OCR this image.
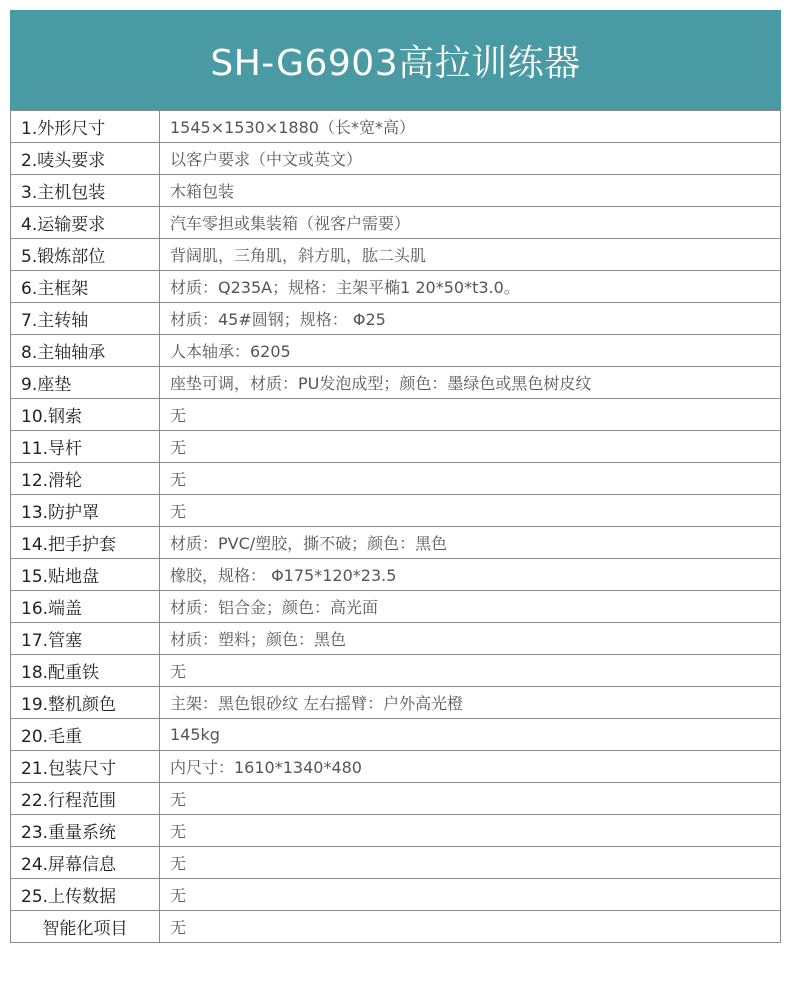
SH-G6903高拉训练器
1.外形尺寸	1545×1530×1880（长*宽*高）
2.唛头要求	以客户要求（中文或英文）
3.主机包装	木箱包装
4.运输要求	汽车零担或集装箱（视客户需要）
5.锻炼部位	背阔肌，三角肌，斜方肌，肱二头肌
6.主框架	材质：Q235A；规格：主架平椭1 20*50*t3.0。
7.主转轴	材质：45#圆钢；规格： Φ25
8.主轴轴承	人本轴承：6205
9.座垫	座垫可调，材质：PU发泡成型；颜色：墨绿色或黑色树皮纹
10.钢索	无
11.导杆	无
12.滑轮	无
13.防护罩	无
14.把手护套	材质：PVC/塑胶，撕不破；颜色：黑色
15.贴地盘	橡胶，规格： Φ175*120*23.5
16.端盖	材质：铝合金；颜色：高光面
17.管塞	材质：塑料；颜色：黑色
18.配重铁	无
19.整机颜色	主架：黑色银砂纹 左右摇臂：户外高光橙
20.毛重	145kg
21.包装尺寸	内尺寸：1610*1340*480
22.行程范围	无
23.重量系统	无
24.屏幕信息	无
25.上传数据	无
智能化项目	无
